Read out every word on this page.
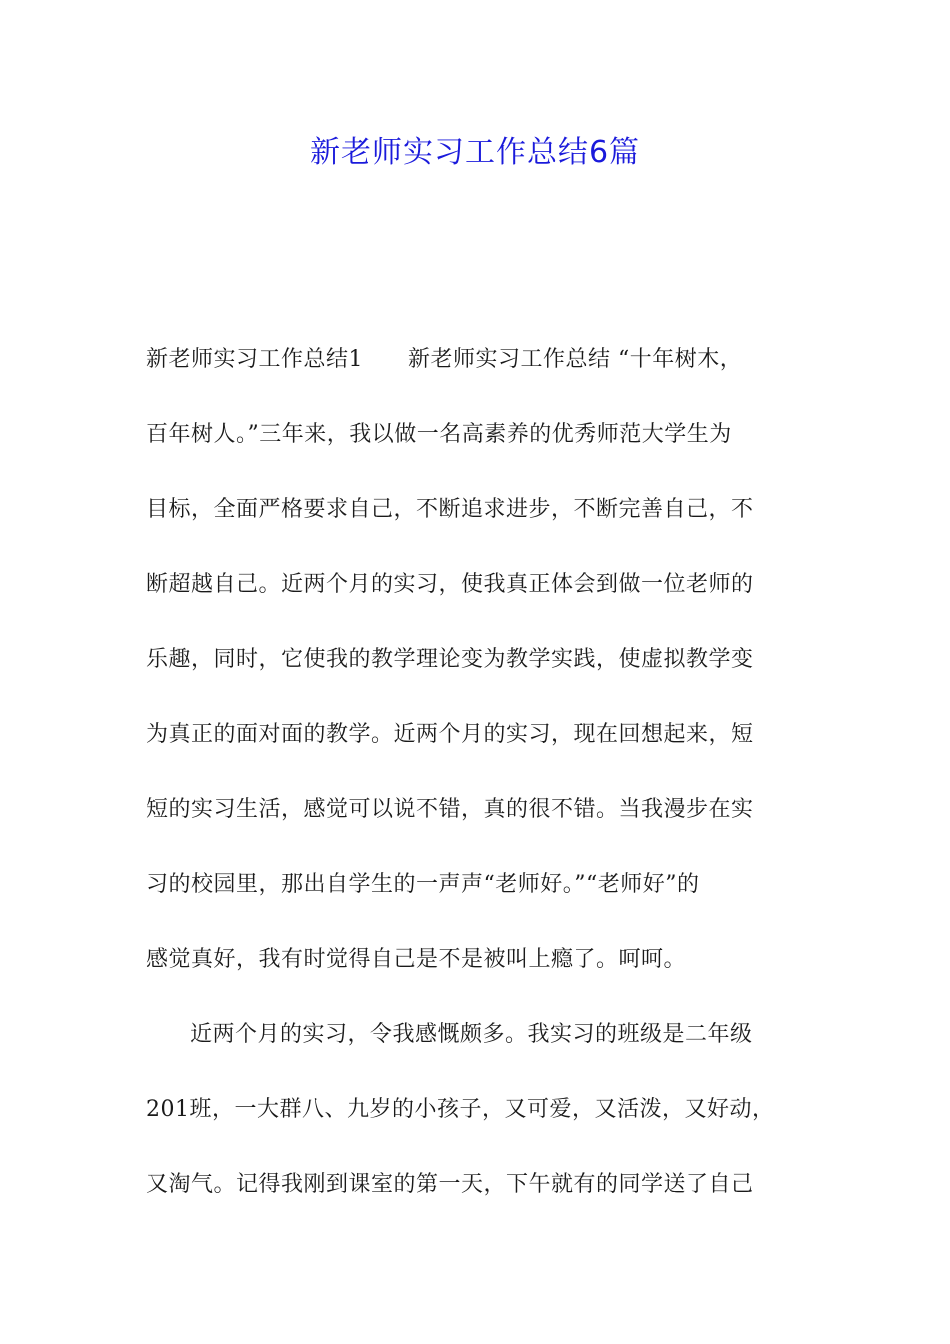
新老师实习工作总结6篇
新老师实习工作总结1　　新老师实习工作总结 “十年树木，
百年树人。”三年来，我以做一名高素养的优秀师范大学生为
目标，全面严格要求自己，不断追求进步，不断完善自己，不
断超越自己。近两个月的实习，使我真正体会到做一位老师的
乐趣，同时，它使我的教学理论变为教学实践，使虚拟教学变
为真正的面对面的教学。近两个月的实习，现在回想起来，短
短的实习生活，感觉可以说不错，真的很不错。当我漫步在实
习的校园里，那出自学生的一声声“老师好。”“老师好”的
感觉真好，我有时觉得自己是不是被叫上瘾了。呵呵。
近两个月的实习，令我感慨颇多。我实习的班级是二年级
201班，一大群八、九岁的小孩子，又可爱，又活泼，又好动，
又淘气。记得我刚到课室的第一天，下午就有的同学送了自己
